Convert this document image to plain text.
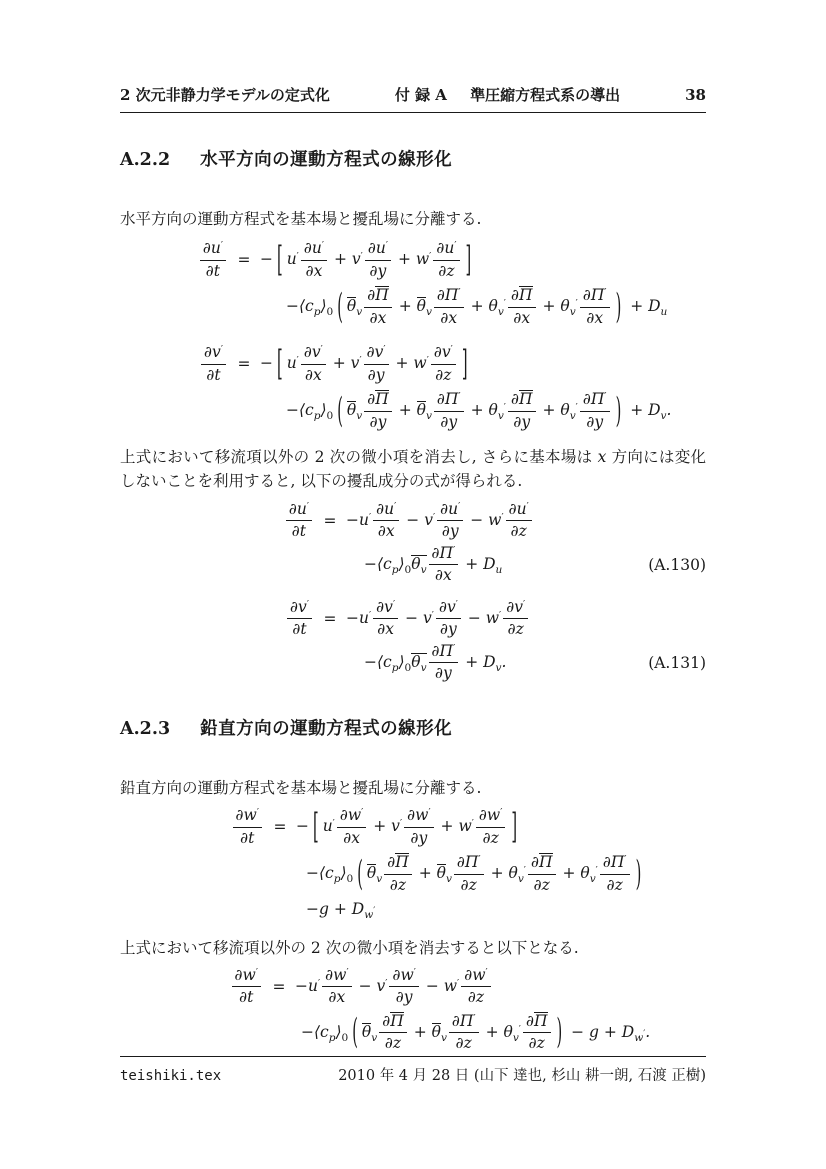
2 次元非静力学モデルの定式化	付 録 A 準圧縮方程式系の導出	38
A.2.2 水平方向の運動方程式の線形化

水平方向の運動方程式を基本場と擾乱場に分離する.

∂u′
∂t
= − [ $u' \frac{\partial u'}{\partial x} + v' \frac{\partial u'}{\partial y} + w' \frac{\partial u'}{\partial z}$ ]
$-⟨c_p⟩_0$ ( $\theta_v \frac{\partial\Pi}{\partial x} + \theta_v \frac{\partial\Pi'}{\partial x} + \theta_v' \frac{\partial\Pi}{\partial x} + \theta_v' \frac{\partial\Pi'}{\partial x}$ ) + $D_u$
∂v′
∂t
= − [ $u' \frac{\partial v'}{\partial x} + v' \frac{\partial v'}{\partial y} + w' \frac{\partial v'}{\partial z}$ ]
$-⟨c_p⟩_0$ ( $\theta_v \frac{\partial\Pi}{\partial y} + \theta_v \frac{\partial\Pi'}{\partial y} + \theta_v' \frac{\partial\Pi}{\partial y} + \theta_v' \frac{\partial\Pi'}{\partial y}$ ) + $D_v$.

上式において移流項以外の 2 次の微小項を消去し, さらに基本場は x 方向には変化しないことを利用すると, 以下の擾乱成分の式が得られる.

∂u′
∂t
= $-u' \frac{\partial u'}{\partial x} - v' \frac{\partial u'}{\partial y} - w' \frac{\partial u'}{\partial z}$
$-⟨c_p⟩_0\theta_v \frac{\partial\Pi'}{\partial x} + D_u$	(A.130)
∂v′
∂t
= $-u' \frac{\partial v'}{\partial x} - v' \frac{\partial v'}{\partial y} - w' \frac{\partial v'}{\partial z}$
$-⟨c_p⟩_0\theta_v \frac{\partial\Pi'}{\partial y} + D_v$.	(A.131)
A.2.3 鉛直方向の運動方程式の線形化

鉛直方向の運動方程式を基本場と擾乱場に分離する.

∂w′
∂t
= − [ $u' \frac{\partial w'}{\partial x} + v' \frac{\partial w'}{\partial y} + w' \frac{\partial w'}{\partial z}$ ]
$-⟨c_p⟩_0$ ( $\theta_v \frac{\partial\Pi}{\partial z} + \theta_v \frac{\partial\Pi'}{\partial z} + \theta_v' \frac{\partial\Pi}{\partial z} + \theta_v' \frac{\partial\Pi'}{\partial z}$ )
$-g + D_{w'}$

上式において移流項以外の 2 次の微小項を消去すると以下となる.

∂w′
∂t
= $-u' \frac{\partial w'}{\partial x} - v' \frac{\partial w'}{\partial y} - w' \frac{\partial w'}{\partial z}$
$-⟨c_p⟩_0$ ( $\theta_v \frac{\partial\Pi}{\partial z} + \theta_v \frac{\partial\Pi'}{\partial z} + \theta_v' \frac{\partial\Pi}{\partial z}$ ) − $g + D_{w'}$.
teishiki.tex	2010 年 4 月 28 日 (山下 達也, 杉山 耕一朗, 石渡 正樹)
